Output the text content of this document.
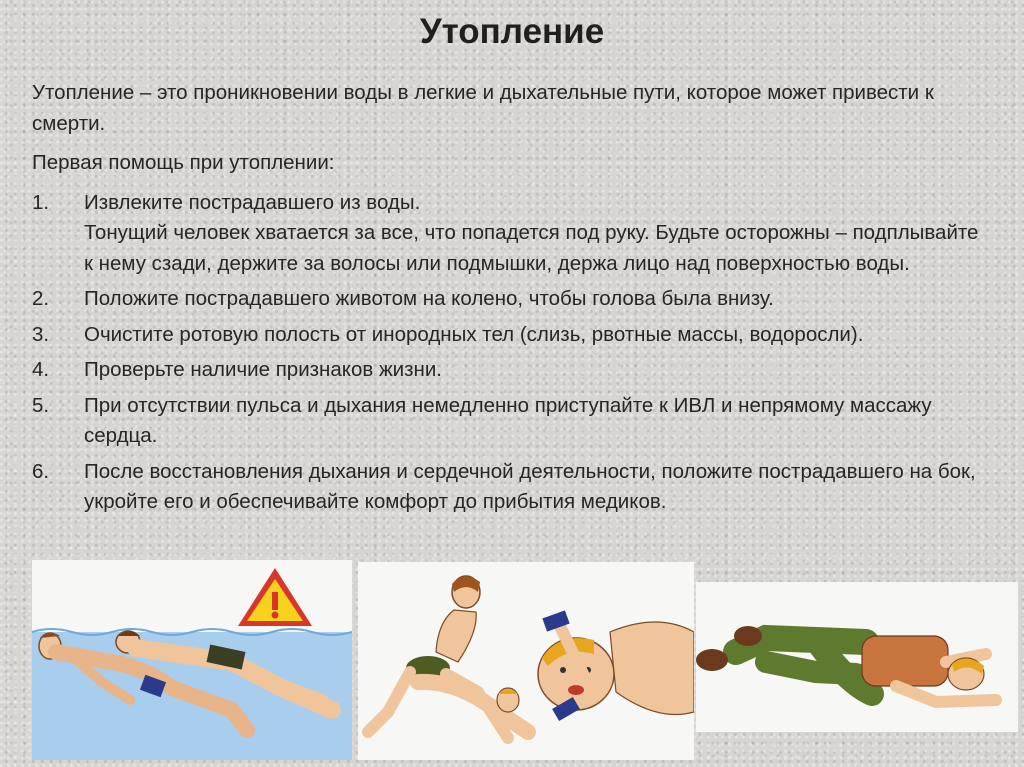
Утопление

Утопление – это проникновении воды в легкие и дыхательные пути, которое может привести к смерти.

Первая помощь при утоплении:

1.	Извлеките пострадавшего из воды.
Тонущий человек хватается за все, что попадется под руку. Будьте осторожны – подплывайте к нему сзади, держите за волосы или подмышки, держа лицо над поверхностью воды.
2.	Положите пострадавшего животом на колено, чтобы голова была внизу.
3.	Очистите ротовую полость от инородных тел (слизь, рвотные массы, водоросли).
4.	Проверьте наличие признаков жизни.
5.	При отсутствии пульса и дыхания немедленно приступайте к ИВЛ и непрямому массажу сердца.
6.	После восстановления дыхания и сердечной деятельности, положите пострадавшего на бок, укройте его и обеспечивайте комфорт до прибытия медиков.
